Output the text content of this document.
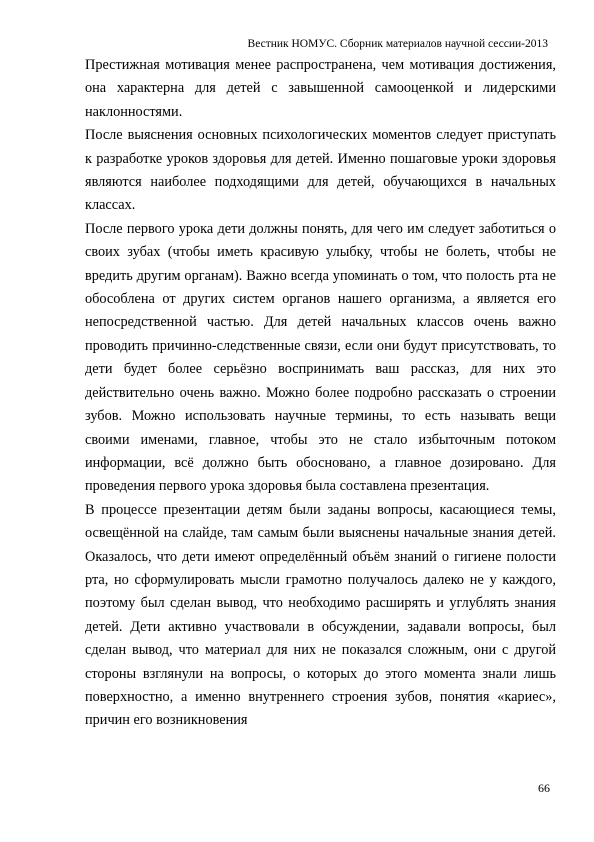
Вестник НОМУС. Сборник материалов научной сессии-2013

Престижная мотивация менее распространена, чем мотивация достижения, она характерна для детей с завышенной самооценкой и лидерскими наклонностями.

После выяснения основных психологических моментов следует приступать к разработке уроков здоровья для детей. Именно пошаговые уроки здоровья являются наиболее подходящими для детей, обучающихся в начальных классах.

После первого урока дети должны понять, для чего им следует заботиться о своих зубах (чтобы иметь красивую улыбку, чтобы не болеть, чтобы не вредить другим органам). Важно всегда упоминать о том, что полость рта не обособлена от других систем органов нашего организма, а является его непосредственной частью. Для детей начальных классов очень важно проводить причинно-следственные связи, если они будут присутствовать, то дети будет более серьёзно воспринимать ваш рассказ, для них это действительно очень важно. Можно более подробно рассказать о строении зубов. Можно использовать научные термины, то есть называть вещи своими именами, главное, чтобы это не стало избыточным потоком информации, всё должно быть обосновано, а главное дозировано. Для проведения первого урока здоровья была составлена презентация.

В процессе презентации детям были заданы вопросы, касающиеся темы, освещённой на слайде, там самым были выяснены начальные знания детей. Оказалось, что дети имеют определённый объём знаний о гигиене полости рта, но сформулировать мысли грамотно получалось далеко не у каждого, поэтому был сделан вывод, что необходимо расширять и углублять знания детей. Дети активно участвовали в обсуждении, задавали вопросы, был сделан вывод, что материал для них не показался сложным, они с другой стороны взглянули на вопросы, о которых до этого момента знали лишь поверхностно, а именно внутреннего строения зубов, понятия «кариес», причин его возникновения

66
